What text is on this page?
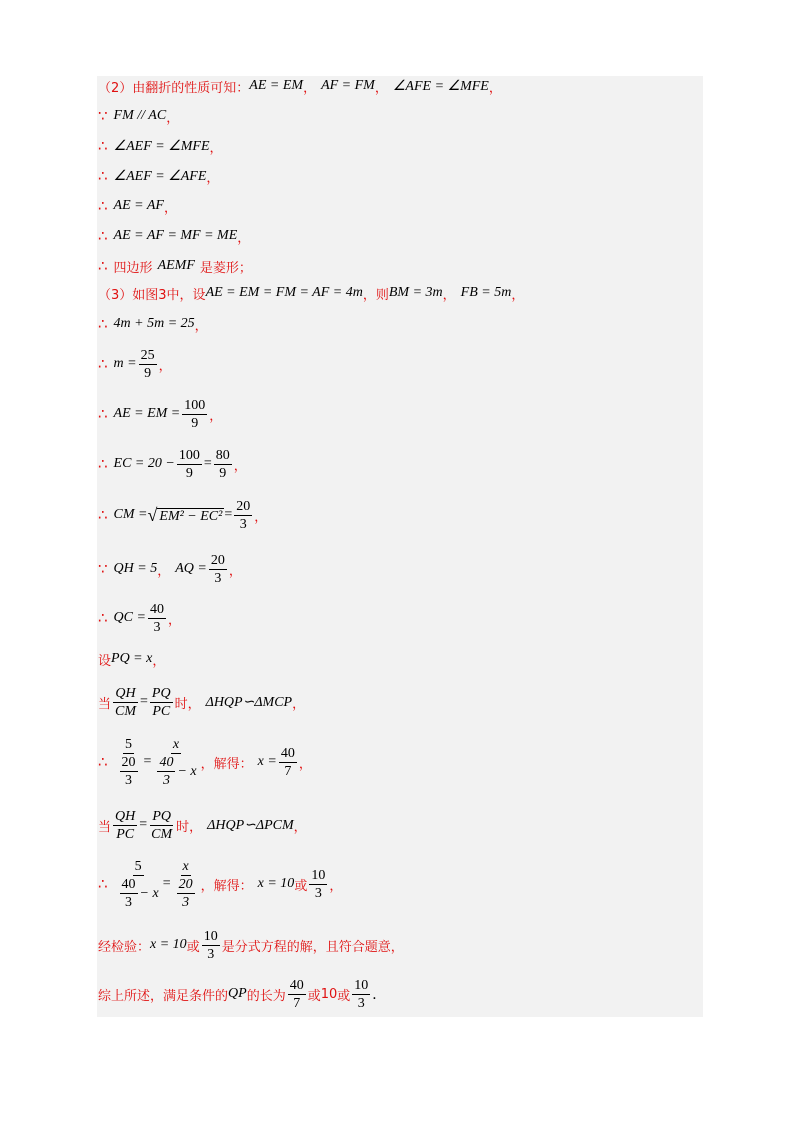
（2） 由翻折的性质可知： AE = EM ， AF = FM ， ∠AFE = ∠MFE ，
∵ FM // AC ，
∴ ∠AEF = ∠MFE ，
∴ ∠AEF = ∠AFE ，
∴ AE = AF ，
∴ AE = AF = MF = ME ，
∴ 四边形 AEMF 是菱形；
（3） 如图3中，设 AE = EM = FM = AF = 4m ，则 BM = 3m ， FB = 5m ，
∴ 4m + 5m = 25 ，
∴ $m = \frac{25}{9}$ ，
∴ AE = EM = $\frac{100}{9}$ ，
∴ EC = $20 - \frac{100}{9} = \frac{80}{9}$ ，
∴ CM = √ $EM^2 - EC^2 = \frac{20}{3}$ ，
∵ QH = 5 ， AQ = $\frac{20}{3}$ ，
∴ QC = $\frac{40}{3}$ ，
设 PQ = x ，
当 $\frac{QH}{CM} = \frac{PQ}{PC}$ 时， ΔHQP∽ΔMCP ，
∴ $\frac{5}{\frac{20}{3}} = \frac{x}{\frac{40}{3} - x}$ ，解得： $x = \frac{40}{7}$ ，
当 $\frac{QH}{PC} = \frac{PQ}{CM}$ 时， ΔHQP∽ΔPCM ，
∴ $\frac{5}{\frac{40}{3} - x} = \frac{x}{\frac{20}{3}}$ ，解得： x = 10 或 $\frac{10}{3}$ ，
经检验： x = 10 或 $\frac{10}{3}$ 是分式方程的解，且符合题意，
综上所述，满足条件的 QP 的长为 $\frac{40}{7}$ 或 10 或 $\frac{10}{3}$ ．
